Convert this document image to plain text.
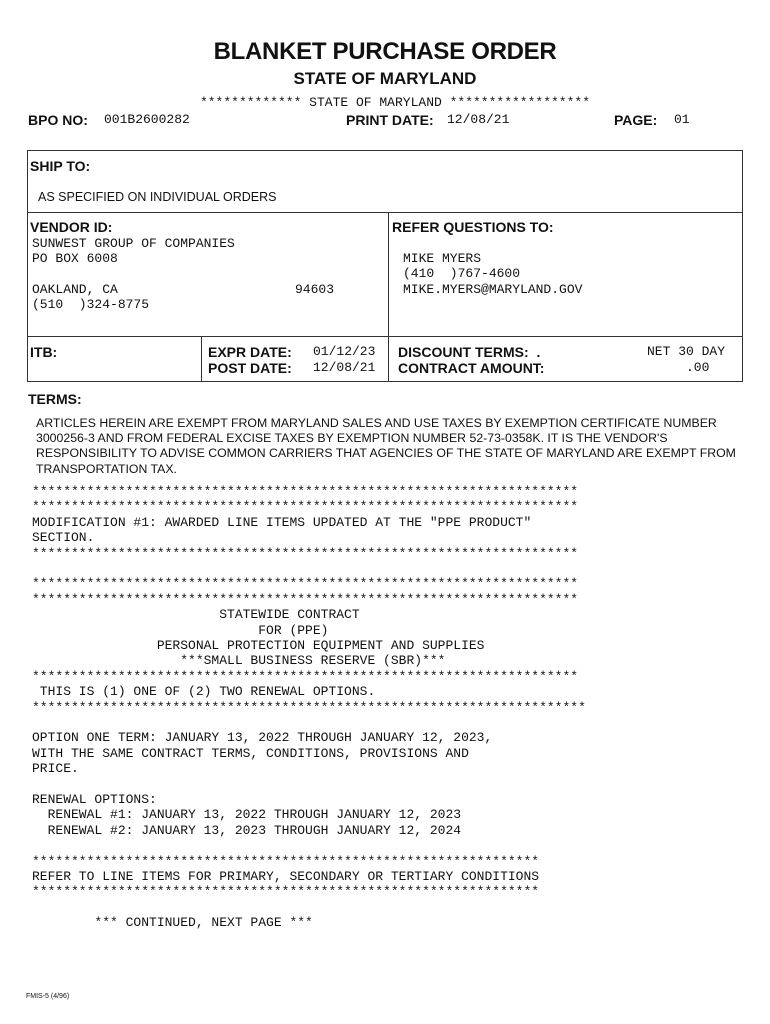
BLANKET PURCHASE ORDER
STATE OF MARYLAND
************* STATE OF MARYLAND ******************
BPO NO: 001B2600282	PRINT DATE: 12/08/21	PAGE: 01
SHIP TO:
AS SPECIFIED ON INDIVIDUAL ORDERS
VENDOR ID:
SUNWEST GROUP OF COMPANIES
PO BOX 6008
OAKLAND, CA	94603
(510  )324-8775
REFER QUESTIONS TO:
MIKE MYERS
(410  )767-4600
MIKE.MYERS@MARYLAND.GOV
ITB:	EXPR DATE: 01/12/23
POST DATE: 12/08/21
DISCOUNT TERMS:  .	NET 30 DAY
CONTRACT AMOUNT:	.00
TERMS:
ARTICLES HEREIN ARE EXEMPT FROM MARYLAND SALES AND USE TAXES BY EXEMPTION CERTIFICATE NUMBER 3000256-3 AND FROM FEDERAL EXCISE TAXES BY EXEMPTION NUMBER 52-73-0358K. IT IS THE VENDOR'S RESPONSIBILITY TO ADVISE COMMON CARRIERS THAT AGENCIES OF THE STATE OF MARYLAND ARE EXEMPT FROM TRANSPORTATION TAX.
**********************************************************************
**********************************************************************
MODIFICATION #1: AWARDED LINE ITEMS UPDATED AT THE "PPE PRODUCT"
SECTION.
**********************************************************************
**********************************************************************
**********************************************************************
STATEWIDE CONTRACT
FOR (PPE)
PERSONAL PROTECTION EQUIPMENT AND SUPPLIES
***SMALL BUSINESS RESERVE (SBR)***
**********************************************************************
THIS IS (1) ONE OF (2) TWO RENEWAL OPTIONS.
***********************************************************************
OPTION ONE TERM: JANUARY 13, 2022 THROUGH JANUARY 12, 2023,
WITH THE SAME CONTRACT TERMS, CONDITIONS, PROVISIONS AND
PRICE.
RENEWAL OPTIONS:
RENEWAL #1: JANUARY 13, 2022 THROUGH JANUARY 12, 2023
RENEWAL #2: JANUARY 13, 2023 THROUGH JANUARY 12, 2024
*****************************************************************
REFER TO LINE ITEMS FOR PRIMARY, SECONDARY OR TERTIARY CONDITIONS
*****************************************************************
*** CONTINUED, NEXT PAGE ***
FMIS-5 (4/96)
